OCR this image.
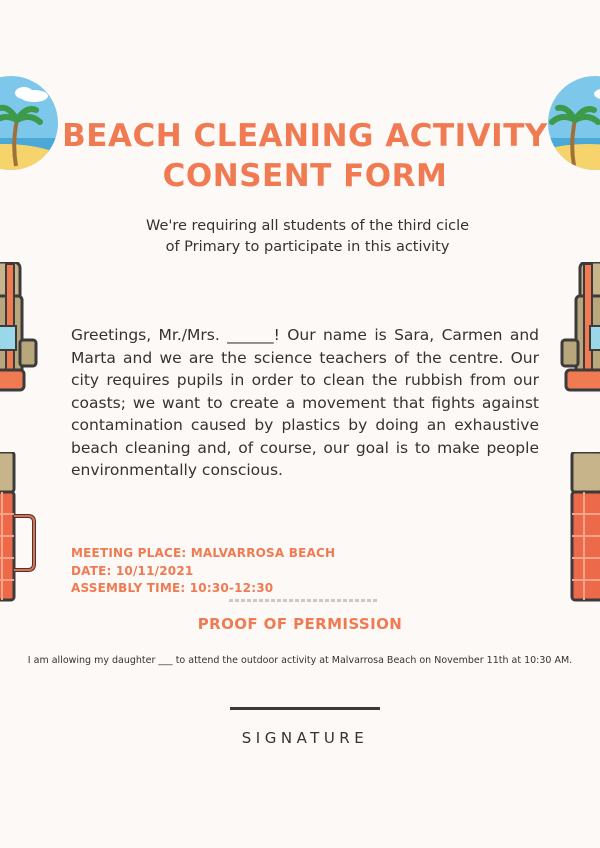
BEACH CLEANING ACTIVITY
CONSENT FORM
We're requiring all students of the third cicle
of Primary to participate in this activity
Greetings, Mr./Mrs. ______! Our name is Sara, Carmen and Marta and we are the science teachers of the centre. Our city requires pupils in order to clean the rubbish from our coasts; we want to create a movement that fights against contamination caused by plastics by doing an exhaustive beach cleaning and, of course, our goal is to make people environmentally conscious.
MEETING PLACE: MALVARROSA BEACH
DATE: 10/11/2021
ASSEMBLY TIME: 10:30-12:30
PROOF OF PERMISSION
I am allowing my daughter ___ to attend the outdoor activity at Malvarrosa Beach on November 11th at 10:30 AM.
SIGNATURE
